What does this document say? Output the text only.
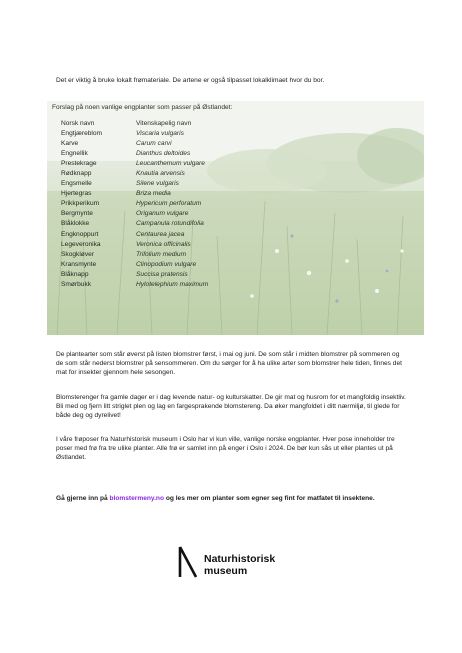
Det er viktig å bruke lokalt frømateriale. De artene er også tilpasset lokalklimaet hvor du bor.

Forslag på noen vanlige engplanter som passer på Østlandet:
Norsk navn	Vitenskapelig navn
Engtjæreblom	Viscaria vulgaris
Karve	Carum carvi
Engnellik	Dianthus deltoides
Prestekrage	Leucanthemum vulgare
Rødknapp	Knautia arvensis
Engsmelle	Silene vulgaris
Hjertegras	Briza media
Prikkperikum	Hypericum perforatum
Bergmynte	Origanum vulgare
Blåklokke	Campanula rotundifolia
Engknoppurt	Centaurea jacea
Legeveronika	Veronica officinalis
Skogkløver	Trifolium medium
Kransmynte	Clinopodium vulgare
Blåknapp	Succisa pratensis
Smørbukk	Hylotelephium maximum

De plantearter som står øverst på listen blomstrer først, i mai og juni. De som står i midten blomstrer på sommeren og de som står nederst blomstrer på sensommeren. Om du sørger for å ha ulike arter som blomstrer hele tiden, finnes det mat for insekter gjennom hele sesongen.

Blomsterenger fra gamle dager er i dag levende natur- og kulturskatter. De gir mat og husrom for et mangfoldig insektliv. Bli med og fjern litt striglet plen og lag en fargesprakende blomstereng. Da øker mangfoldet i ditt nærmiljø, til glede for både deg og dyrelivet!

I våre frøposer fra Naturhistorisk museum i Oslo har vi kun ville, vanlige norske engplanter. Hver pose inneholder tre poser med frø fra tre ulike planter. Alle frø er samlet inn på enger i Oslo i 2024. De bør kun sås ut eller plantes ut på Østlandet.

Gå gjerne inn på blomstermeny.no og les mer om planter som egner seg fint for matfatet til insektene.

Naturhistorisk
museum
